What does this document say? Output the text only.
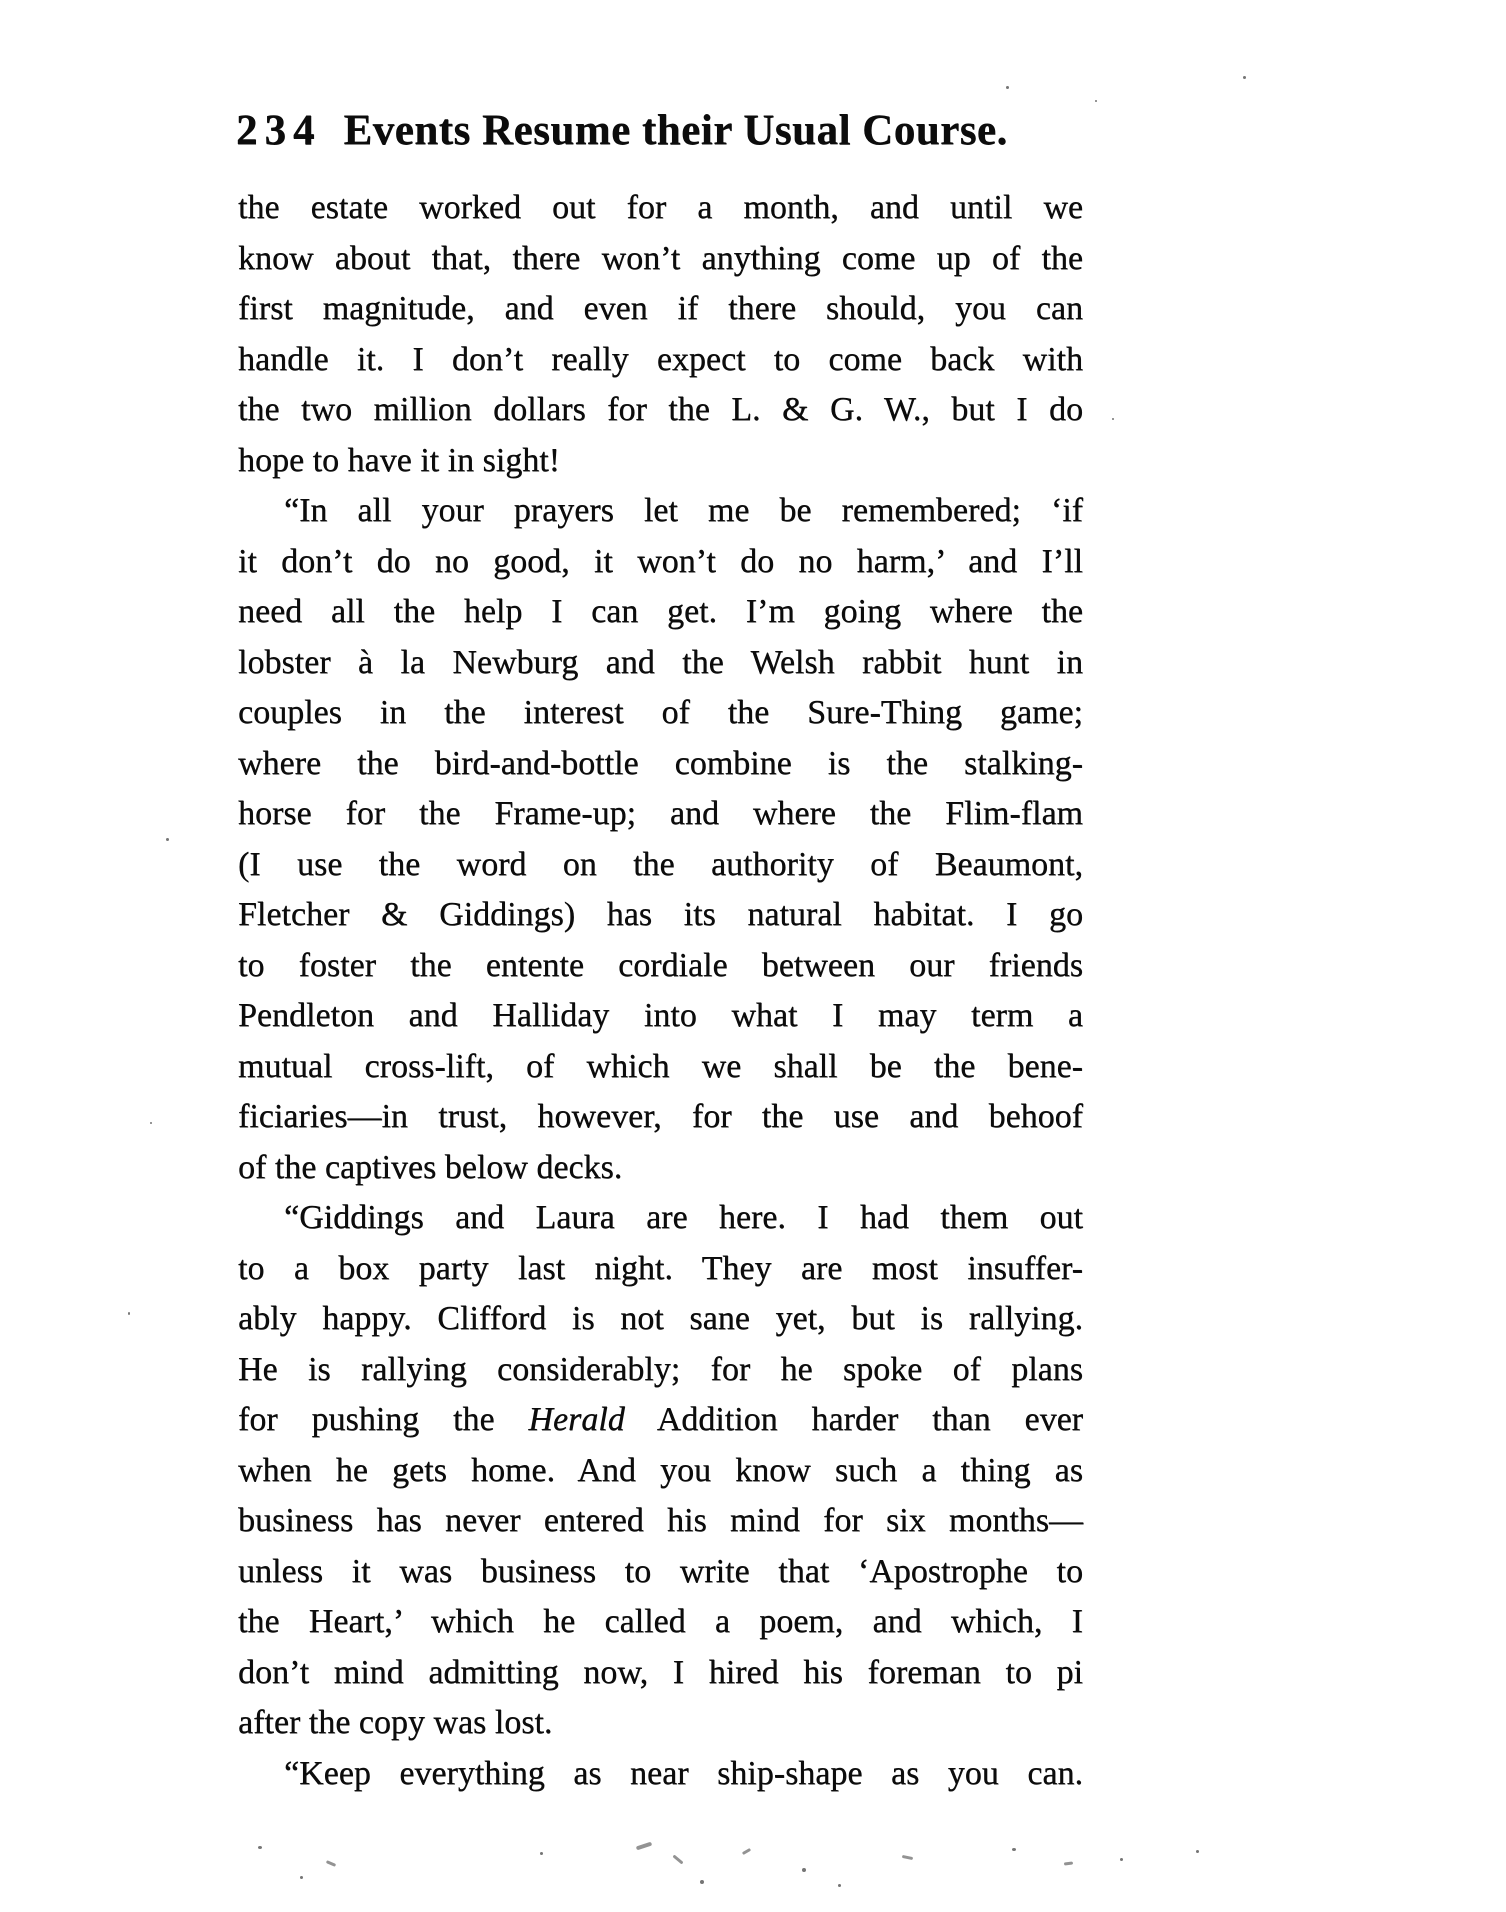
234 Events Resume their Usual Course.
the estate worked out for a month, and until we
know about that, there won’t anything come up of the
first magnitude, and even if there should, you can
handle it. I don’t really expect to come back with
the two million dollars for the L. & G. W., but I do
hope to have it in sight!
“In all your prayers let me be remembered; ‘if
it don’t do no good, it won’t do no harm,’ and I’ll
need all the help I can get. I’m going where the
lobster à la Newburg and the Welsh rabbit hunt in
couples in the interest of the Sure-Thing game;
where the bird-and-bottle combine is the stalking-
horse for the Frame-up; and where the Flim-flam
(I use the word on the authority of Beaumont,
Fletcher & Giddings) has its natural habitat. I go
to foster the entente cordiale between our friends
Pendleton and Halliday into what I may term a
mutual cross-lift, of which we shall be the bene-
ficiaries—in trust, however, for the use and behoof
of the captives below decks.
“Giddings and Laura are here. I had them out
to a box party last night. They are most insuffer-
ably happy. Clifford is not sane yet, but is rallying.
He is rallying considerably; for he spoke of plans
for pushing the Herald Addition harder than ever
when he gets home. And you know such a thing as
business has never entered his mind for six months—
unless it was business to write that ‘Apostrophe to
the Heart,’ which he called a poem, and which, I
don’t mind admitting now, I hired his foreman to pi
after the copy was lost.
“Keep everything as near ship-shape as you can.
